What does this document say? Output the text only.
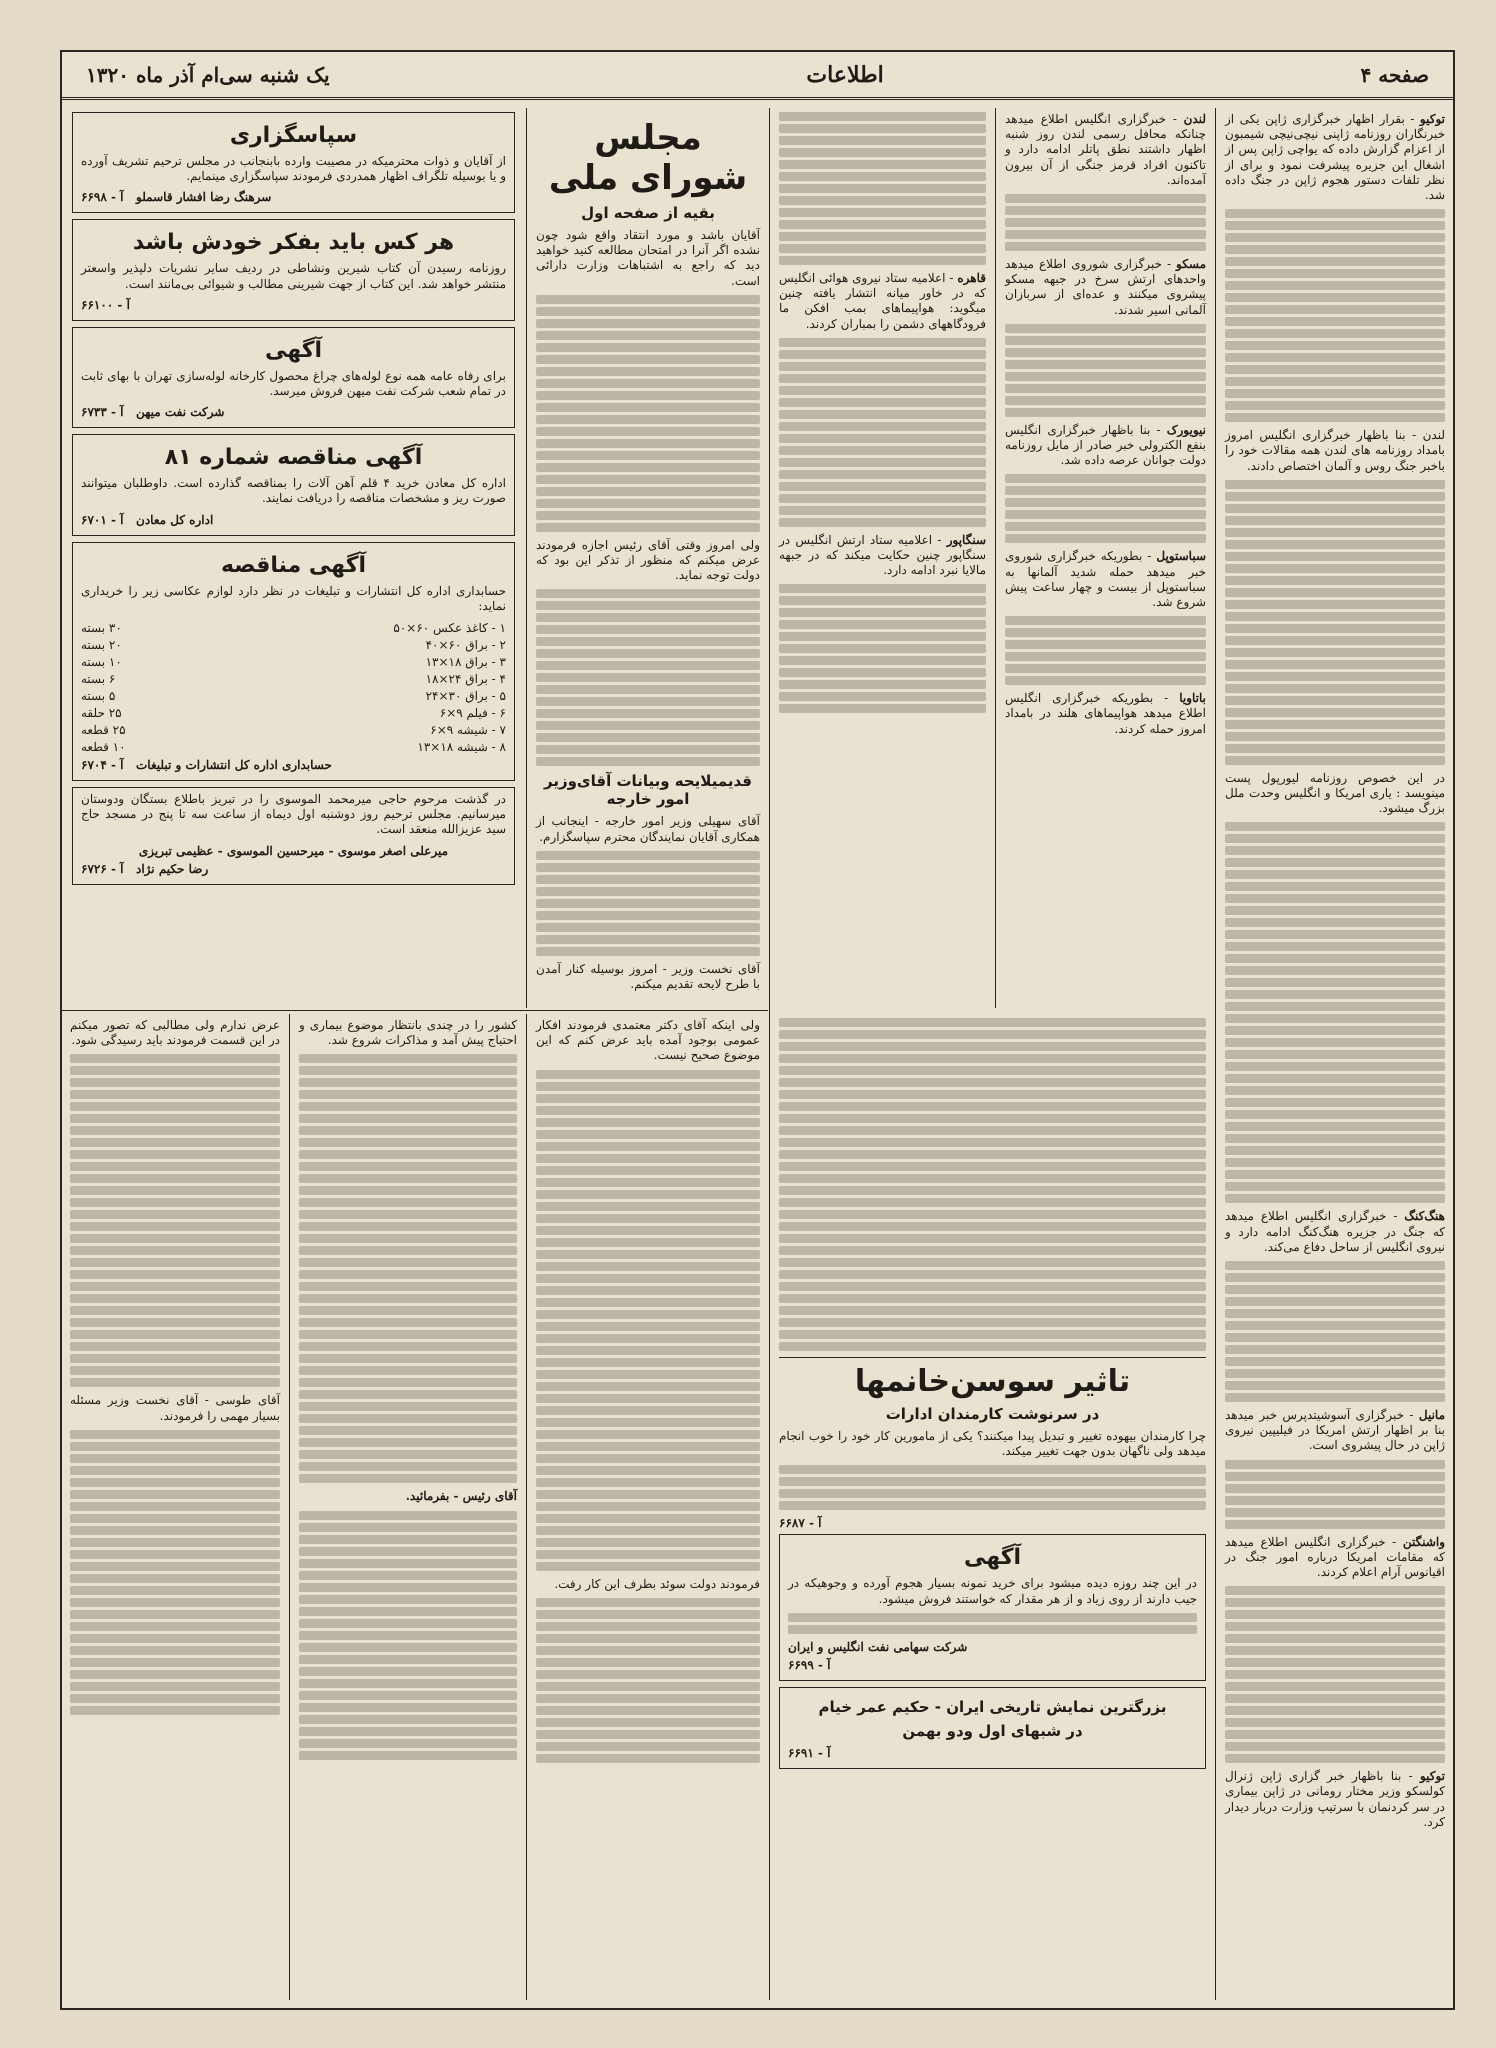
صفحه ۴
اطلاعات
یک شنبه سی‌ام آذر ماه ۱۳۲۰

توکیو - بقرار اظهار خبرگزاری ژاپن یکی از خبرنگاران روزنامه ژاپنی نیچی‌نیچی شیمبون از اعزام گزارش داده که یواچی ژاپن پس از اشغال این جزیره پیشرفت نمود و برای از نظر تلفات دستور هجوم ژاپن در جنگ داده شد.

لندن - بنا باظهار خبرگزاری انگلیس امروز بامداد روزنامه های لندن همه مقالات خود را باخبر جنگ روس و آلمان اختصاص دادند.

در این خصوص روزنامه لیورپول پست مینویسد : یاری امریکا و انگلیس وحدت ملل بزرگ میشود.

هنگ‌کنگ - خبرگزاری انگلیس اطلاع میدهد که جنگ در جزیره هنگ‌کنگ ادامه دارد و نیروی انگلیس از ساحل دفاع می‌کند.

مانیل - خبرگزاری آسوشیتدپرس خبر میدهد بنا بر اظهار ارتش امریکا در فیلیپین نیروی ژاپن در حال پیشروی است.

واشنگتن - خبرگزاری انگلیس اطلاع میدهد که مقامات امریکا درباره امور جنگ در اقیانوس آرام اعلام کردند.

توکیو - بنا باظهار خبر گزاری ژاپن ژنرال کولسکو وزیر مختار رومانی در ژاپن بیماری در سر کردنمان با سرتیپ وزارت دربار دیدار کرد.

لندن - خبرگزاری انگلیس اطلاع میدهد چنانکه محافل رسمی لندن روز شنبه اظهار داشتند نطق پاتلر ادامه دارد و تاکنون افراد قرمز جنگی از آن بیرون آمده‌اند.

مسکو - خبرگزاری شوروی اطلاع میدهد واحدهای ارتش سرخ در جبهه مسکو پیشروی میکنند و عده‌ای از سربازان آلمانی اسیر شدند.

نیویورک - بنا باظهار خبرگزاری انگلیس بنفع الکترولی خبر صادر از مایل روزنامه دولت جوانان عرصه داده شد.

سباستوپل - بطوریکه خبرگزاری شوروی خبر میدهد حمله شدید آلمانها به سباستوپل از بیست و چهار ساعت پیش شروع شد.

باتاویا - بطوریکه خبرگزاری انگلیس اطلاع میدهد هواپیماهای هلند در بامداد امروز حمله کردند.

قاهره - اعلامیه ستاد نیروی هوائی انگلیس که در خاور میانه انتشار یافته چنین میگوید: هواپیماهای بمب افکن ما فرودگاههای دشمن را بمباران کردند.

سنگاپور - اعلامیه ستاد ارتش انگلیس در سنگاپور چنین حکایت میکند که در جبهه مالایا نبرد ادامه دارد.

تاثیر سوسن‌خانمها
در سرنوشت کارمندان ادارات

چرا کارمندان بیهوده تغییر و تبدیل پیدا میکنند؟ یکی از مامورین کار خود را خوب انجام میدهد ولی ناگهان بدون جهت تغییر میکند.

آ - ۶۶۸۷
آگهی

در این چند روزه دیده میشود برای خرید نمونه بسیار هجوم آورده و وجوهیکه در جیب دارند از روی زیاد و از هر مقدار که خواستند فروش میشود.

شرکت سهامی نفت انگلیس و ایران
آ - ۶۶۹۹
بزرگترین نمایش تاریخی ایران - حکیم عمر خیام
در شبهای اول ودو بهمن
آ - ۶۶۹۱
مجلس شورای ملی
بقیه از صفحه اول

آقایان باشد و مورد انتقاد واقع شود چون نشده اگر آنرا در امتحان مطالعه کنید خواهید دید که راجع به اشتباهات وزارت دارائی است.

ولی امروز وقتی آقای رئیس اجازه فرمودند عرض میکنم که منظور از تذکر این بود که دولت توجه نماید.

قدیمیلایحه وبیانات آقای‌وزیر امور خارجه

آقای سهیلی وزیر امور خارجه - اینجانب از همکاری آقایان نمایندگان محترم سپاسگزارم.

آقای نخست وزیر - امروز بوسیله کنار آمدن با طرح لایحه تقدیم میکنم.

ولی اینکه آقای دکتر معتمدی فرمودند افکار عمومی بوجود آمده باید عرض کنم که این موضوع صحیح نیست.

فرمودند دولت سوئد بطرف این کار رفت.

کشور را در چندی بانتظار موضوع بیماری و احتیاج پیش آمد و مذاکرات شروع شد.

آقای رئیس - بفرمائید.

عرض ندارم ولی مطالبی که تصور میکنم در این قسمت فرمودند باید رسیدگی شود.

آقای طوسی - آقای نخست وزیر مسئله بسیار مهمی را فرمودند.

سپاسگزاری

از آقایان و ذوات محترمیکه در مصیبت وارده بابنجانب در مجلس ترحیم تشریف آورده و یا بوسیله تلگراف اظهار همدردی فرمودند سپاسگزاری مینمایم.

سرهنگ رضا افشار قاسملو   آ - ۶۶۹۸
هر کس باید بفکر خودش باشد

روزنامه رسیدن آن کتاب شیرین ونشاطی در ردیف سایر نشریات دلپذیر واسعتر منتشر خواهد شد. این کتاب از جهت شیرینی مطالب و شیوائی بی‌مانند است.

آ - ۶۶۱۰۰
آگهی

برای رفاه عامه همه نوع لوله‌های چراغ محصول کارخانه لوله‌سازی تهران با بهای ثابت در تمام شعب شرکت نفت میهن فروش میرسد.

شرکت نفت میهن   آ - ۶۷۳۳
آگهی مناقصه شماره ۸۱

اداره کل معادن خرید ۴ قلم آهن آلات را بمناقصه گذارده است. داوطلبان میتوانند صورت ریز و مشخصات مناقصه را دریافت نمایند.

اداره کل معادن   آ - ۶۷۰۱
آگهی مناقصه

حسابداری اداره کل انتشارات و تبلیغات در نظر دارد لوازم عکاسی زیر را خریداری نماید:

۱ - کاغذ عکس ۶۰×۵۰
۳۰ بسته
۲ - براق ۶۰×۴۰
۲۰ بسته
۳ - براق ۱۸×۱۳
۱۰ بسته
۴ - براق ۲۴×۱۸
۶ بسته
۵ - براق ۳۰×۲۴
۵ بسته
۶ - فیلم ۹×۶
۲۵ حلقه
۷ - شیشه ۹×۶
۲۵ قطعه
۸ - شیشه ۱۸×۱۳
۱۰ قطعه
حسابداری اداره کل انتشارات و تبلیغات   آ - ۶۷۰۴

در گذشت مرحوم حاجی میرمحمد الموسوی را در تبریز باطلاع بستگان ودوستان میرسانیم. مجلس ترحیم روز دوشنبه اول دیماه از ساعت سه تا پنج در مسجد حاج سید عزیزالله منعقد است.

میرعلی اصغر موسوی - میرحسین الموسوی - عظیمی تبریزی
رضا حکیم نژاد   آ - ۶۷۲۶
